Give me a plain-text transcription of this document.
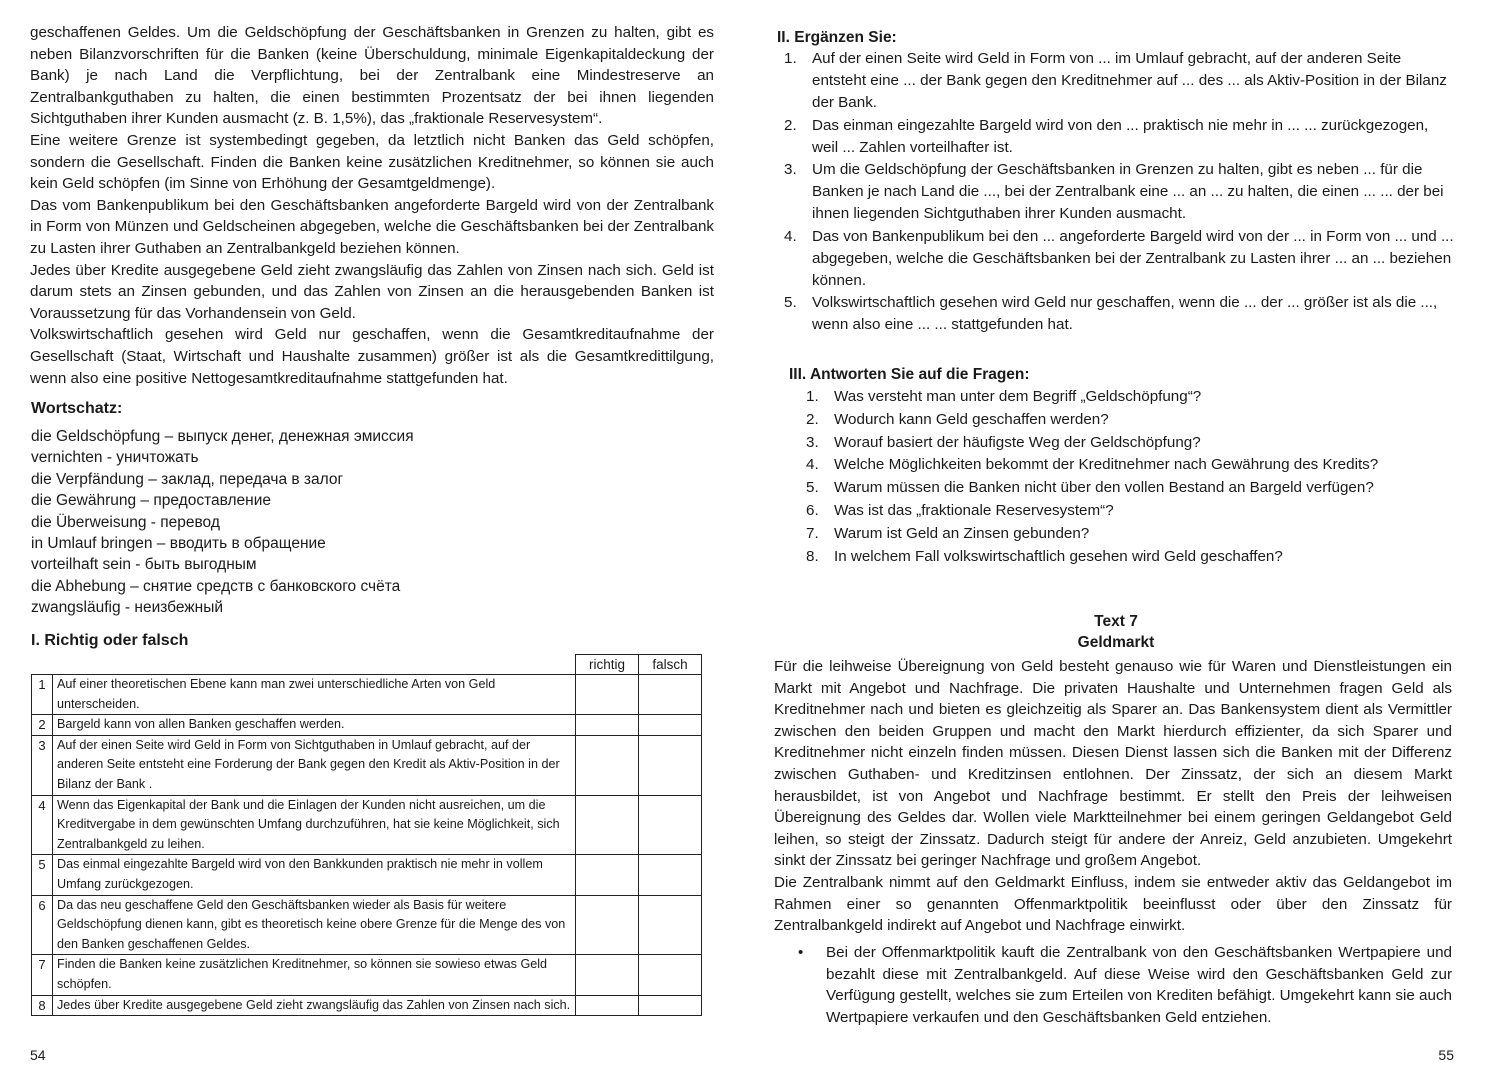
geschaffenen Geldes. Um die Geldschöpfung der Geschäftsbanken in Grenzen zu halten, gibt es neben Bilanzvorschriften für die Banken (keine Überschuldung, minimale Eigenkapitaldeckung der Bank) je nach Land die Verpflichtung, bei der Zentralbank eine Mindestreserve an Zentralbankguthaben zu halten, die einen bestimmten Prozentsatz der bei ihnen liegenden Sichtguthaben ihrer Kunden ausmacht (z. B. 1,5%), das „fraktionale Reservesystem“.

Eine weitere Grenze ist systembedingt gegeben, da letztlich nicht Banken das Geld schöpfen, sondern die Gesellschaft. Finden die Banken keine zusätzlichen Kreditnehmer, so können sie auch kein Geld schöpfen (im Sinne von Erhöhung der Gesamtgeldmenge).

Das vom Bankenpublikum bei den Geschäftsbanken angeforderte Bargeld wird von der Zentralbank in Form von Münzen und Geldscheinen abgegeben, welche die Geschäftsbanken bei der Zentralbank zu Lasten ihrer Guthaben an Zentralbankgeld beziehen können.

Jedes über Kredite ausgegebene Geld zieht zwangsläufig das Zahlen von Zinsen nach sich. Geld ist darum stets an Zinsen gebunden, und das Zahlen von Zinsen an die herausgebenden Banken ist Voraussetzung für das Vorhandensein von Geld.

Volkswirtschaftlich gesehen wird Geld nur geschaffen, wenn die Gesamtkreditaufnahme der Gesellschaft (Staat, Wirtschaft und Haushalte zusammen) größer ist als die Gesamtkredittilgung, wenn also eine positive Nettogesamtkreditaufnahme stattgefunden hat.

Wortschatz:
die Geldschöpfung – выпуск денег, денежная эмиссия
vernichten - уничтожать
die Verpfändung – заклад, передача в залог
die Gewährung – предоставление
die Überweisung - перевод
in Umlauf bringen – вводить в обращение
vorteilhaft sein - быть выгодным
die Abhebung – снятие средств с банковского счёта
zwangsläufig - неизбежный
I. Richtig oder falsch
		richtig	falsch
1	Auf einer theoretischen Ebene kann man zwei unterschiedliche Arten von Geld unterscheiden.		
2	Bargeld kann von allen Banken geschaffen werden.		
3	Auf der einen Seite wird Geld in Form von Sichtguthaben in Umlauf gebracht, auf der anderen Seite entsteht eine Forderung der Bank gegen den Kredit als Aktiv-Position in der Bilanz der Bank .		
4	Wenn das Eigenkapital der Bank und die Einlagen der Kunden nicht ausreichen, um die Kreditvergabe in dem gewünschten Umfang durchzuführen, hat sie keine Möglichkeit, sich Zentralbankgeld zu leihen.		
5	Das einmal eingezahlte Bargeld wird von den Bankkunden praktisch nie mehr in vollem Umfang zurückgezogen.		
6	Da das neu geschaffene Geld den Geschäftsbanken wieder als Basis für weitere Geldschöpfung dienen kann, gibt es theoretisch keine obere Grenze für die Menge des von den Banken geschaffenen Geldes.		
7	Finden die Banken keine zusätzlichen Kreditnehmer, so können sie sowieso etwas Geld schöpfen.		
8	Jedes über Kredite ausgegebene Geld zieht zwangsläufig das Zahlen von Zinsen nach sich.		
54
II. Ergänzen Sie:
1.	Auf der einen Seite wird Geld in Form von ... im Umlauf gebracht, auf der anderen Seite entsteht eine ... der Bank gegen den Kreditnehmer auf ... des ... als Aktiv-Position in der Bilanz der Bank.
2.	Das einman eingezahlte Bargeld wird von den ... praktisch nie mehr in ... ... zurückgezogen, weil ... Zahlen vorteilhafter ist.
3.	Um die Geldschöpfung der Geschäftsbanken in Grenzen zu halten, gibt es neben ... für die Banken je nach Land die ..., bei der Zentralbank eine ... an ... zu halten, die einen ... ... der bei ihnen liegenden Sichtguthaben ihrer Kunden ausmacht.
4.	Das von Bankenpublikum bei den ... angeforderte Bargeld wird von der ... in Form von ... und ... abgegeben, welche die Geschäftsbanken bei der Zentralbank zu Lasten ihrer ... an ... beziehen können.
5.	Volkswirtschaftlich gesehen wird Geld nur geschaffen, wenn die ... der ... größer ist als die ..., wenn also eine ... ... stattgefunden hat.
III. Antworten Sie auf die Fragen:
1.	Was versteht man unter dem Begriff „Geldschöpfung“?
2.	Wodurch kann Geld geschaffen werden?
3.	Worauf basiert der häufigste Weg der Geldschöpfung?
4.	Welche Möglichkeiten bekommt der Kreditnehmer nach Gewährung des Kredits?
5.	Warum müssen die Banken nicht über den vollen Bestand an Bargeld verfügen?
6.	Was ist das „fraktionale Reservesystem“?
7.	Warum ist Geld an Zinsen gebunden?
8.	In welchem Fall volkswirtschaftlich gesehen wird Geld geschaffen?
Text 7
Geldmarkt

Für die leihweise Übereignung von Geld besteht genauso wie für Waren und Dienstleistungen ein Markt mit Angebot und Nachfrage. Die privaten Haushalte und Unternehmen fragen Geld als Kreditnehmer nach und bieten es gleichzeitig als Sparer an. Das Bankensystem dient als Vermittler zwischen den beiden Gruppen und macht den Markt hierdurch effizienter, da sich Sparer und Kreditnehmer nicht einzeln finden müssen. Diesen Dienst lassen sich die Banken mit der Differenz zwischen Guthaben- und Kreditzinsen entlohnen. Der Zinssatz, der sich an diesem Markt herausbildet, ist von Angebot und Nachfrage bestimmt. Er stellt den Preis der leihweisen Übereignung des Geldes dar. Wollen viele Marktteilnehmer bei einem geringen Geldangebot Geld leihen, so steigt der Zinssatz. Dadurch steigt für andere der Anreiz, Geld anzubieten. Umgekehrt sinkt der Zinssatz bei geringer Nachfrage und großem Angebot.

Die Zentralbank nimmt auf den Geldmarkt Einfluss, indem sie entweder aktiv das Geldangebot im Rahmen einer so genannten Offenmarktpolitik beeinflusst oder über den Zinssatz für Zentralbankgeld indirekt auf Angebot und Nachfrage einwirkt.

•	Bei der Offenmarktpolitik kauft die Zentralbank von den Geschäftsbanken Wertpapiere und bezahlt diese mit Zentralbankgeld. Auf diese Weise wird den Geschäftsbanken Geld zur Verfügung gestellt, welches sie zum Erteilen von Krediten befähigt. Umgekehrt kann sie auch Wertpapiere verkaufen und den Geschäftsbanken Geld entziehen.

55
